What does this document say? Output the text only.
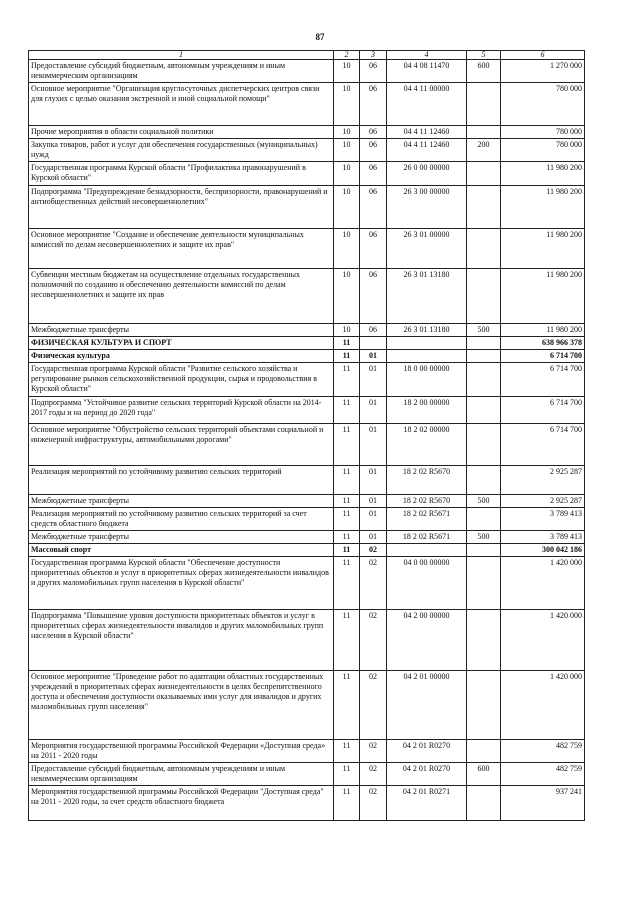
87
1	2	3	4	5	6
Предоставление субсидий бюджетным, автономным учреждениям и иным некоммерческим организациям	10	06	04 4 08 11470	600	1 270 000
Основное мероприятие "Организация круглосуточных диспетчерских центров связи для глухих с целью оказания экстренной и иной социальной помощи"	10	06	04 4 11 00000		780 000
Прочие мероприятия в области социальной политики	10	06	04 4 11 12460		780 000
Закупка товаров, работ и услуг для обеспечения государственных (муниципальных) нужд	10	06	04 4 11 12460	200	780 000
Государственная программа Курской области "Профилактика правонарушений в Курской области"	10	06	26 0 00 00000		11 980 200
Подпрограмма "Предупреждение безнадзорности, беспризорности, правонарушений и антиобщественных действий несовершеннолетних"	10	06	26 3 00 00000		11 980 200
Основное мероприятие "Создание и обеспечение деятельности муниципальных комиссий по делам несовершеннолетних и защите их прав"	10	06	26 3 01 00000		11 980 200
Субвенции местным бюджетам на осуществление отдельных государственных полномочий по созданию и обеспечению деятельности комиссий по делам несовершеннолетних и защите их прав	10	06	26 3 01 13180		11 980 200
Межбюджетные трансферты	10	06	26 3 01 13180	500	11 980 200
ФИЗИЧЕСКАЯ КУЛЬТУРА И СПОРТ	11				638 966 378
Физическая культура	11	01			6 714 700
Государственная программа Курской области "Развитие сельского хозяйства и регулирование рынков сельскохозяйственной продукции, сырья и продовольствия в Курской области"	11	01	18 0 00 00000		6 714 700
Подпрограмма "Устойчивое развитие сельских территорий Курской области на 2014-2017 годы и на период до 2020 года"	11	01	18 2 00 00000		6 714 700
Основное мероприятие "Обустройство сельских территорий объектами социальной и инженерной инфраструктуры, автомобильными дорогами"	11	01	18 2 02 00000		6 714 700
Реализация мероприятий по устойчивому развитию сельских территорий	11	01	18 2 02 R5670		2 925 287
Межбюджетные трансферты	11	01	18 2 02 R5670	500	2 925 287
Реализация мероприятий по устойчивому развитию сельских территорий за счет средств областного бюджета	11	01	18 2 02 R5671		3 789 413
Межбюджетные трансферты	11	01	18 2 02 R5671	500	3 789 413
Массовый спорт	11	02			300 042 186
Государственная программа Курской области "Обеспечение доступности приоритетных объектов и услуг в приоритетных сферах жизнедеятельности инвалидов и других маломобильных групп населения в Курской области"	11	02	04 0 00 00000		1 420 000
Подпрограмма "Повышение уровня доступности приоритетных объектов и услуг в приоритетных сферах жизнедеятельности инвалидов и других маломобильных групп населения в Курской области"	11	02	04 2 00 00000		1 420 000
Основное мероприятие "Проведение работ по адаптации областных государственных учреждений в приоритетных сферах жизнедеятельности в целях беспрепятственного доступа и обеспечения доступности оказываемых ими услуг для инвалидов и других маломобильных групп населения"	11	02	04 2 01 00000		1 420 000
Мероприятия государственной программы Российской Федерации «Доступная среда» на 2011 - 2020 годы	11	02	04 2 01 R0270		482 759
Предоставление субсидий бюджетным, автономным учреждениям и иным некоммерческим организациям	11	02	04 2 01 R0270	600	482 759
Мероприятия государственной программы Российской Федерации "Доступная среда" на 2011 - 2020 годы, за счет средств областного бюджета	11	02	04 2 01 R0271		937 241
